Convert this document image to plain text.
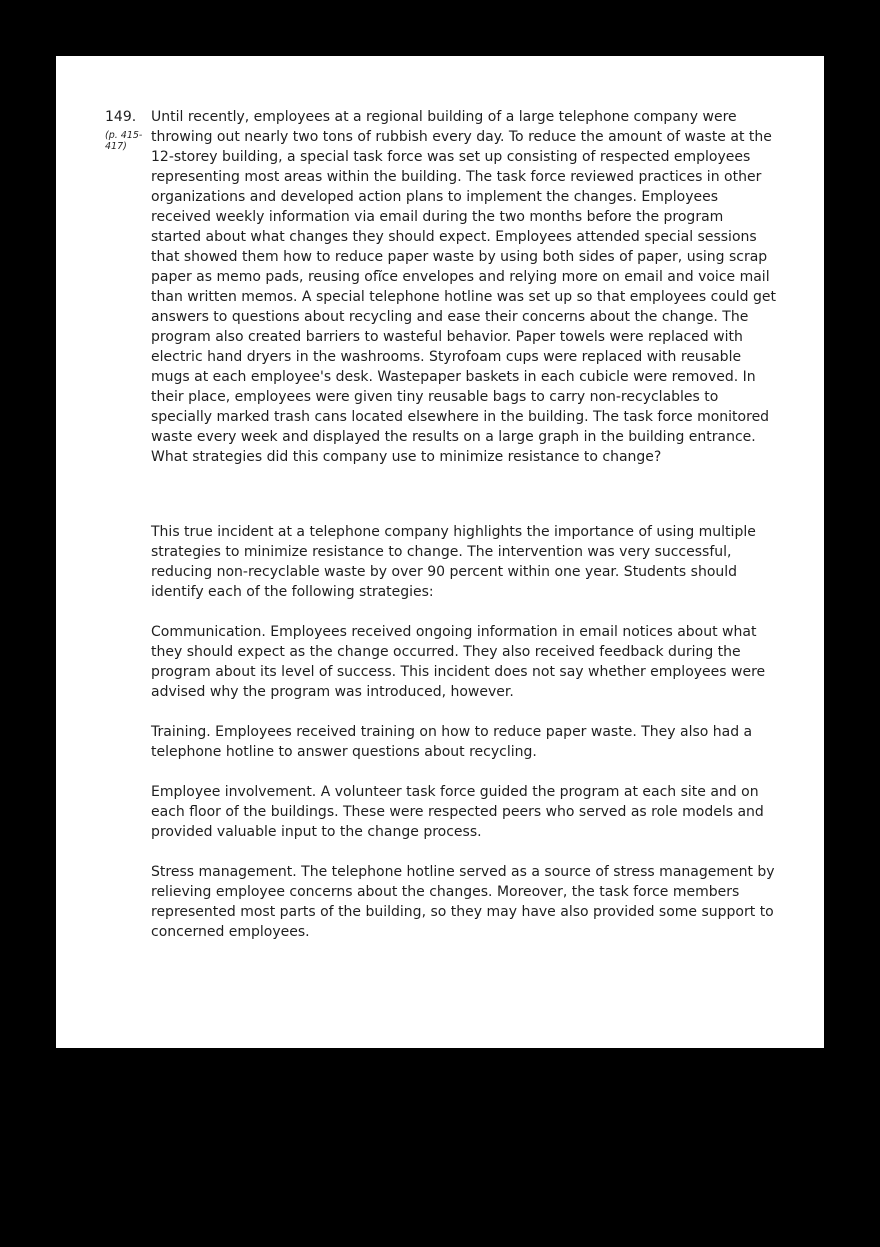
149.
(p. 415-417)
Until recently, employees at a regional building of a large telephone company were throwing out nearly two tons of rubbish every day. To reduce the amount of waste at the 12-storey building, a special task force was set up consisting of respected employees representing most areas within the building. The task force reviewed practices in other organizations and developed action plans to implement the changes. Employees received weekly information via email during the two months before the program started about what changes they should expect. Employees attended special sessions that showed them how to reduce paper waste by using both sides of paper, using scrap paper as memo pads, reusing ofĩce envelopes and relying more on email and voice mail than written memos. A special telephone hotline was set up so that employees could get answers to questions about recycling and ease their concerns about the change. The program also created barriers to wasteful behavior. Paper towels were replaced with electric hand dryers in the washrooms. Styrofoam cups were replaced with reusable mugs at each employee's desk. Wastepaper baskets in each cubicle were removed. In their place, employees were given tiny reusable bags to carry non-recyclables to specially marked trash cans located elsewhere in the building. The task force monitored waste every week and displayed the results on a large graph in the building entrance. What strategies did this company use to minimize resistance to change?

This true incident at a telephone company highlights the importance of using multiple strategies to minimize resistance to change. The intervention was very successful, reducing non-recyclable waste by over 90 percent within one year. Students should identify each of the following strategies:

Communication. Employees received ongoing information in email notices about what they should expect as the change occurred. They also received feedback during the program about its level of success. This incident does not say whether employees were advised why the program was introduced, however.

Training. Employees received training on how to reduce paper waste. They also had a telephone hotline to answer questions about recycling.

Employee involvement. A volunteer task force guided the program at each site and on each floor of the buildings. These were respected peers who served as role models and provided valuable input to the change process.

Stress management. The telephone hotline served as a source of stress management by relieving employee concerns about the changes. Moreover, the task force members represented most parts of the building, so they may have also provided some support to concerned employees.
